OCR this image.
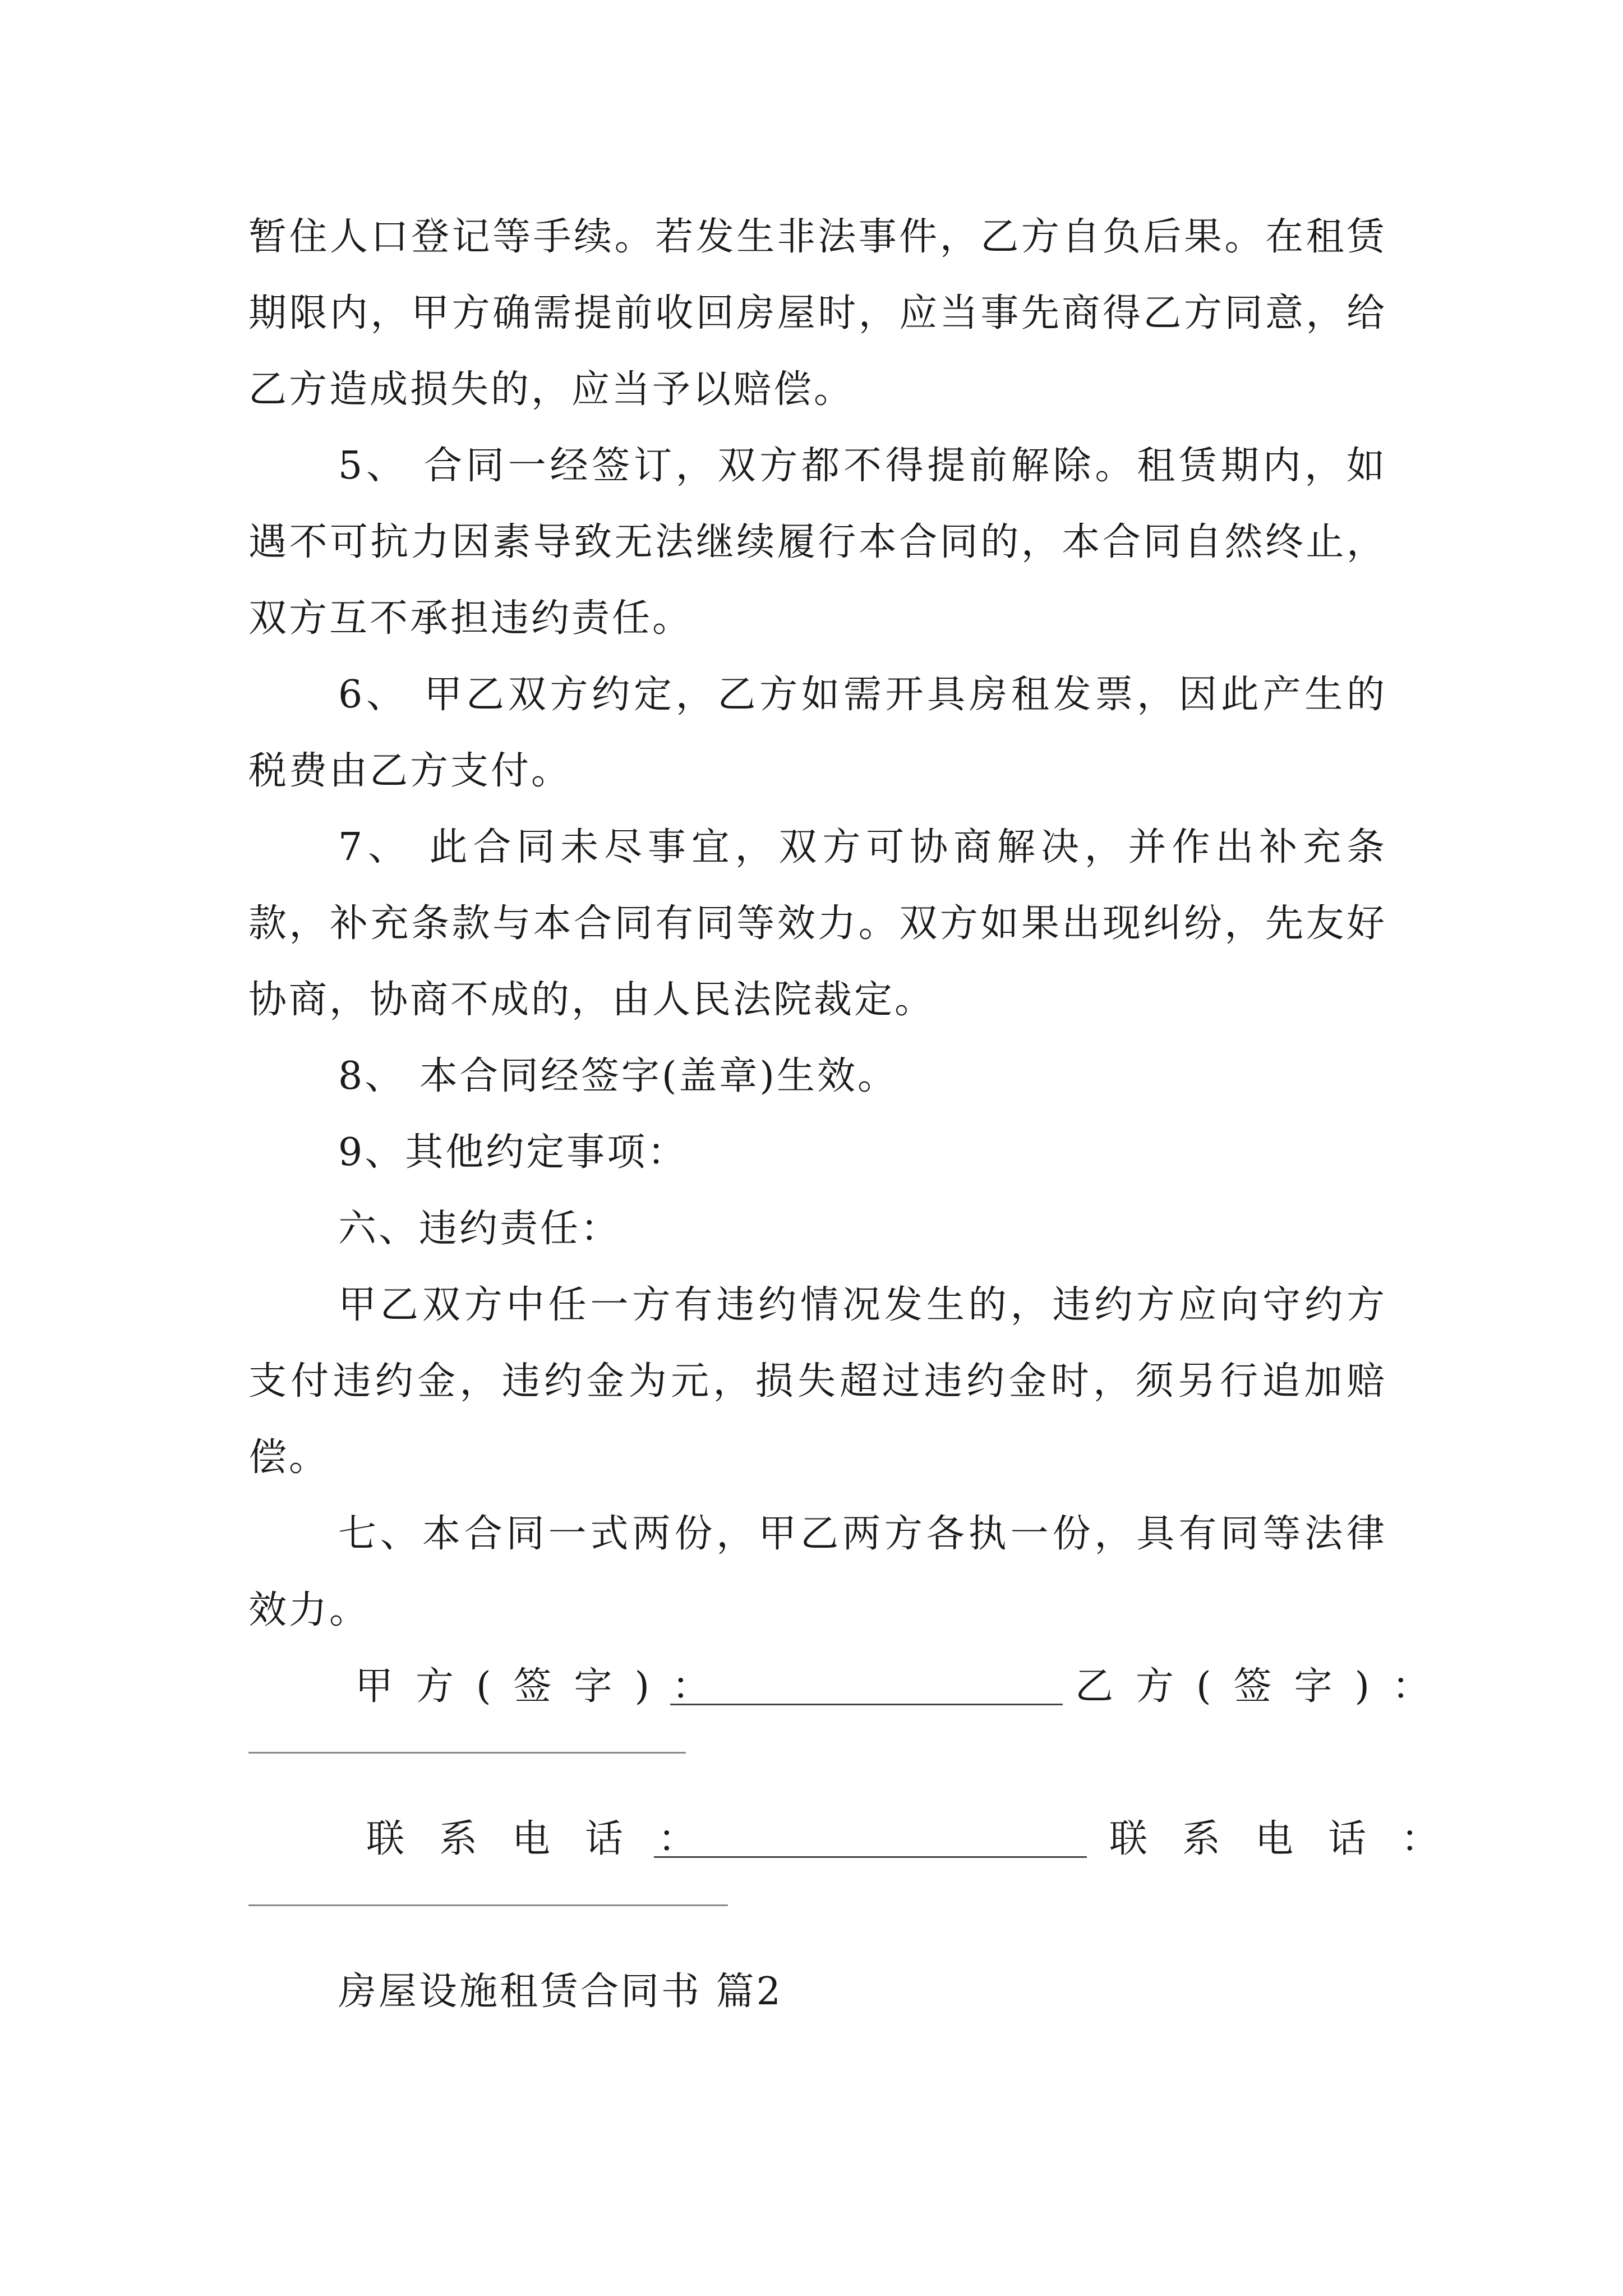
暂住人口登记等手续。若发生非法事件，乙方自负后果。在租赁期限内，甲方确需提前收回房屋时，应当事先商得乙方同意，给乙方造成损失的，应当予以赔偿。

5、 合同一经签订，双方都不得提前解除。租赁期内，如遇不可抗力因素导致无法继续履行本合同的，本合同自然终止，双方互不承担违约责任。

6、 甲乙双方约定，乙方如需开具房租发票，因此产生的税费由乙方支付。

7、 此合同未尽事宜，双方可协商解决，并作出补充条款，补充条款与本合同有同等效力。双方如果出现纠纷，先友好协商，协商不成的，由人民法院裁定。

8、 本合同经签字(盖章)生效。

9、其他约定事项：

六、违约责任：

甲乙双方中任一方有违约情况发生的，违约方应向守约方支付违约金，违约金为元，损失超过违约金时，须另行追加赔偿。

七、本合同一式两份，甲乙两方各执一份，具有同等法律效力。

甲方(签字)：	乙方(签字)：
联系电话：	联系电话：

房屋设施租赁合同书 篇2
